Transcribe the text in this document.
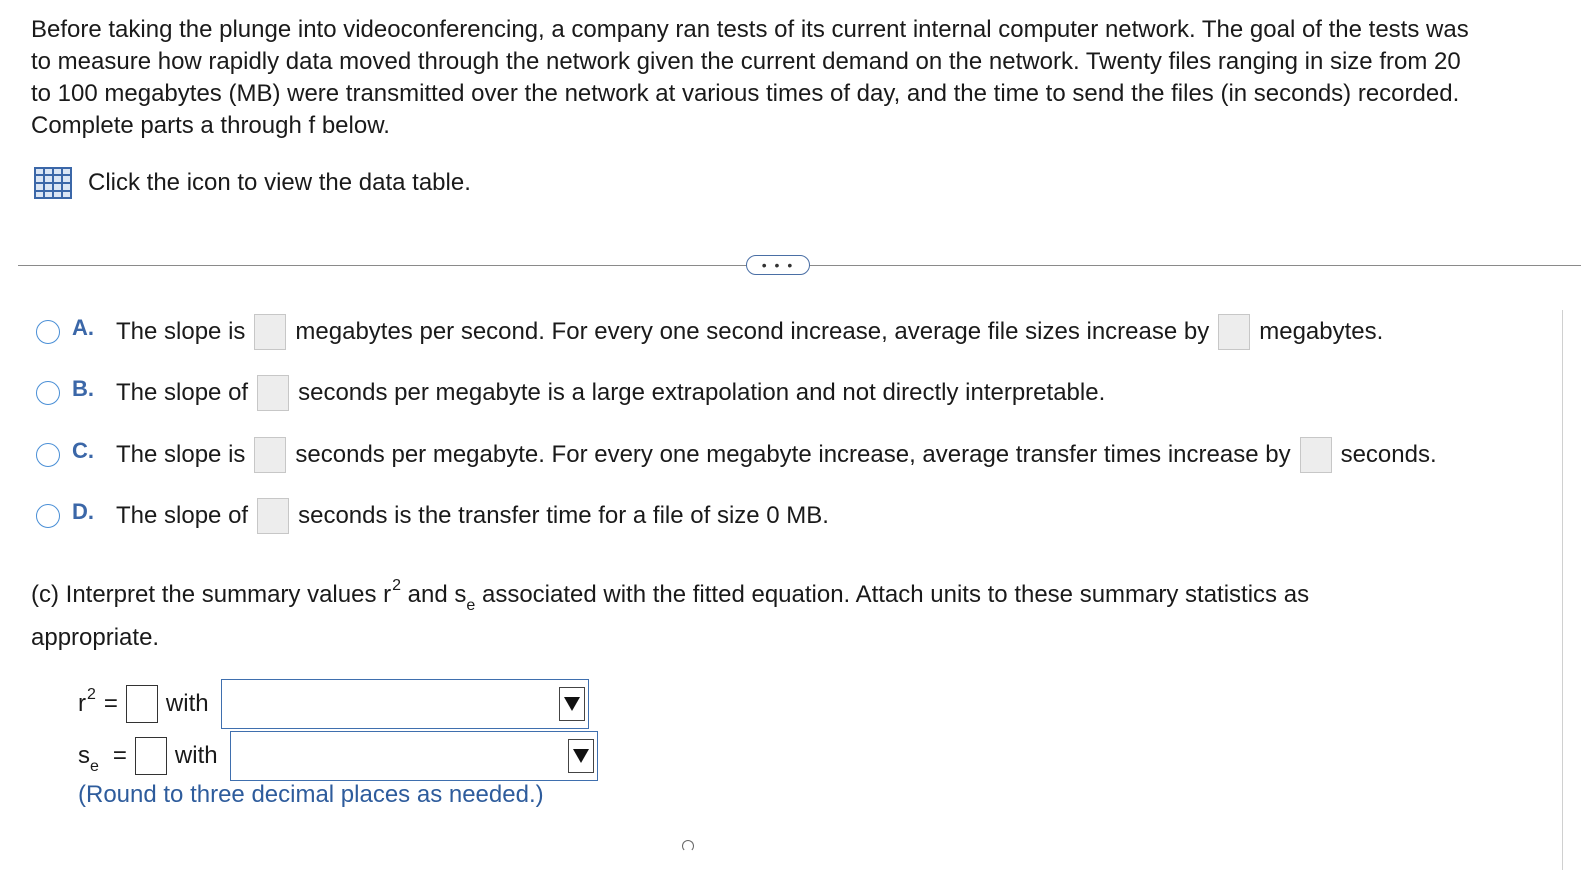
Before taking the plunge into videoconferencing, a company ran tests of its current internal computer network. The goal of the tests was
to measure how rapidly data moved through the network given the current demand on the network. Twenty files ranging in size from 20
to 100 megabytes (MB) were transmitted over the network at various times of day, and the time to send the files (in seconds) recorded.
Complete parts a through f below.
Click the icon to view the data table.
• • •
A. The slope is megabytes per second. For every one second increase, average file sizes increase by megabytes.
B. The slope of seconds per megabyte is a large extrapolation and not directly interpretable.
C. The slope is seconds per megabyte. For every one megabyte increase, average transfer times increase by seconds.
D. The slope of seconds is the transfer time for a file of size 0 MB.
(c) Interpret the summary values $r^2$ and $s_e$ associated with the fitted equation. Attach units to these summary statistics as
appropriate.
$r^2$ = with
$s_e$ = with
(Round to three decimal places as needed.)
